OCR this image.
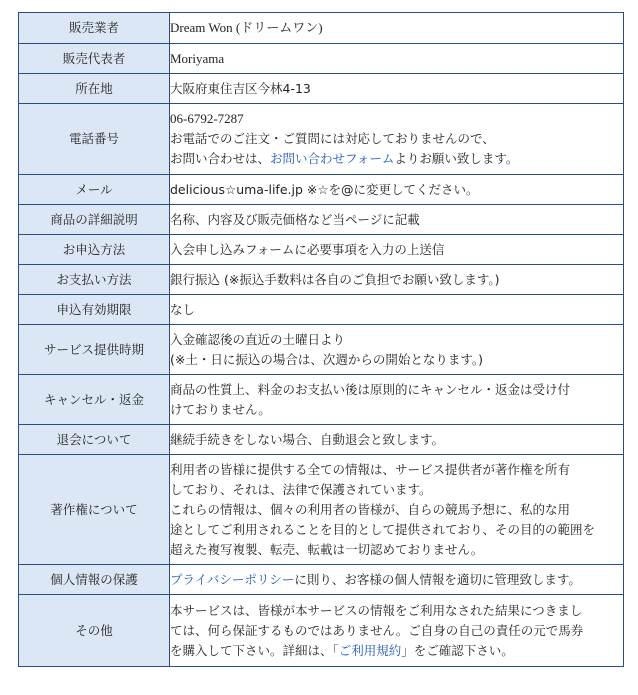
販売業者	Dream Won (ドリームワン)
販売代表者	Moriyama
所在地	大阪府東住吉区今林4-13
電話番号	06-6792-7287
お電話でのご注文・ご質問には対応しておりませんので、
お問い合わせは、お問い合わせフォームよりお願い致します。

メール	delicious☆uma-life.jp ※☆を@に変更してください。
商品の詳細説明	名称、内容及び販売価格など当ページに記載
お申込方法	入会申し込みフォームに必要事項を入力の上送信
お支払い方法	銀行振込 (※振込手数料は各自のご負担でお願い致します。)
申込有効期限	なし
サービス提供時期	入金確認後の直近の土曜日より
(※土・日に振込の場合は、次週からの開始となります。)

キャンセル・返金	商品の性質上、料金のお支払い後は原則的にキャンセル・返金は受け付
けておりません。

退会について	継続手続きをしない場合、自動退会と致します。
著作権について	利用者の皆様に提供する全ての情報は、サービス提供者が著作権を所有
しており、それは、法律で保護されています。
これらの情報は、個々の利用者の皆様が、自らの競馬予想に、私的な用
途としてご利用されることを目的として提供されており、その目的の範囲を
超えた複写複製、転売、転載は一切認めておりません。

個人情報の保護	プライバシーポリシーに則り、お客様の個人情報を適切に管理致します。
その他	本サービスは、皆様が本サービスの情報をご利用なされた結果につきまし
ては、何ら保証するものではありません。ご自身の自己の責任の元で馬券
を購入して下さい。詳細は、「ご利用規約」をご確認下さい。
